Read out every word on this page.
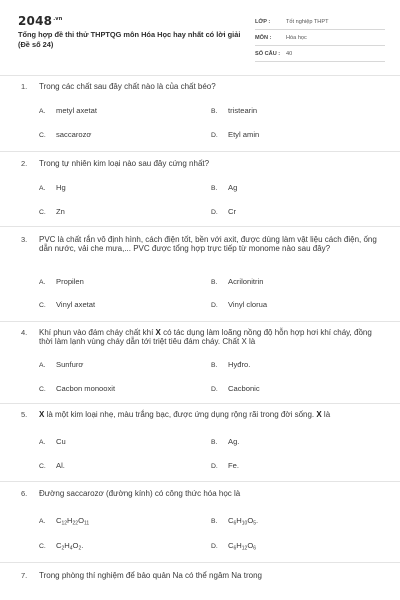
$2048^{.vn}$
Tổng hợp đề thi thử THPTQG môn Hóa Học hay nhất có lời giải (Đề số 24)
LỚP :	Tốt nghiệp THPT
MÔN :	Hóa học
SỐ CÂU :	40
1. Trong các chất sau đây chất nào là của chất béo?
A. metyl axetat	B. tristearin
C. saccarozơ	D. Etyl amin
2. Trong tự nhiên kim loại nào sau đây cứng nhất?
A. Hg	B. Ag
C. Zn	D. Cr
3. PVC là chất rắn vô định hình, cách điện tốt, bền với axit, được dùng làm vật liệu cách điện, ống dẫn nước, vải che mưa,... PVC được tổng hợp trực tiếp từ monome nào sau đây?
A. Propilen	B. Acrilonitrin
C. Vinyl axetat	D. Vinyl clorua
4. Khí phun vào đám cháy chất khí X có tác dụng làm loãng nồng độ hỗn hợp hơi khí cháy, đồng thời làm lạnh vùng cháy dẫn tới triệt tiêu đám cháy. Chất X là
A. Sunfurơ	B. Hyđro.
C. Cacbon monooxit	D. Cacbonic
5. X là một kim loại nhẹ, màu trắng bạc, được ứng dụng rộng rãi trong đời sống. X là
A. Cu	B. Ag.
C. Al.	D. Fe.
6. Đường saccarozơ (đường kính) có công thức hóa học là
A. $C_{12}H_{22}O_{11}$	B. $C_6H_{10}O_5$.
C. $C_2H_4O_2$.	D. $C_6H_{12}O_6$
7. Trong phòng thí nghiệm để bảo quản Na có thể ngâm Na trong
